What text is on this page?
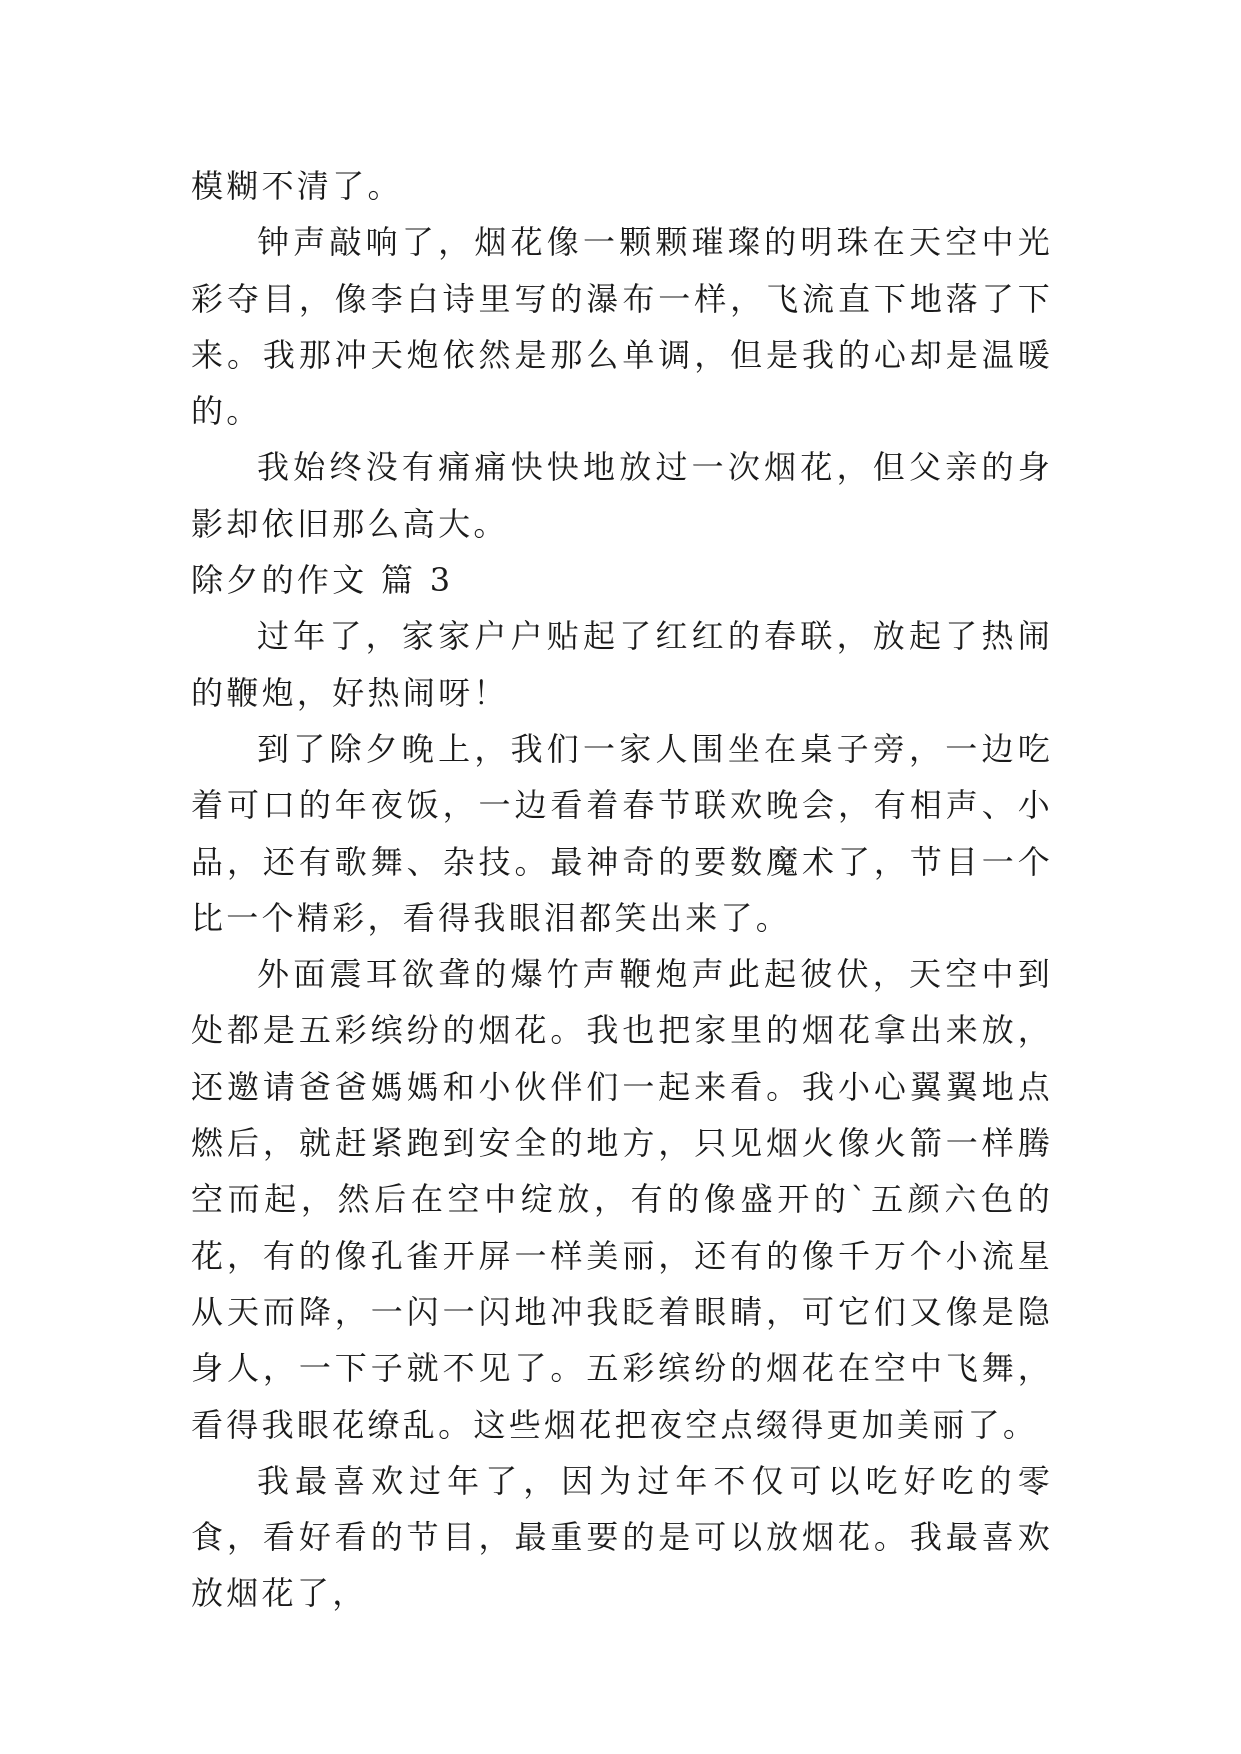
模糊不清了。

钟声敲响了，烟花像一颗颗璀璨的明珠在天空中光彩夺目，像李白诗里写的瀑布一样，飞流直下地落了下来。我那冲天炮依然是那么单调，但是我的心却是温暖的。

我始终没有痛痛快快地放过一次烟花，但父亲的身影却依旧那么高大。

除夕的作文 篇 3

过年了，家家户户贴起了红红的春联，放起了热闹的鞭炮，好热闹呀！

到了除夕晚上，我们一家人围坐在桌子旁，一边吃着可口的年夜饭，一边看着春节联欢晚会，有相声、小品，还有歌舞、杂技。最神奇的要数魔术了，节目一个比一个精彩，看得我眼泪都笑出来了。

外面震耳欲聋的爆竹声鞭炮声此起彼伏，天空中到处都是五彩缤纷的烟花。我也把家里的烟花拿出来放，还邀请爸爸媽媽和小伙伴们一起来看。我小心翼翼地点燃后，就赶紧跑到安全的地方，只见烟火像火箭一样腾空而起，然后在空中绽放，有的像盛开的`五颜六色的花，有的像孔雀开屏一样美丽，还有的像千万个小流星从天而降，一闪一闪地冲我眨着眼睛，可它们又像是隐身人，一下子就不见了。五彩缤纷的烟花在空中飞舞，看得我眼花缭乱。这些烟花把夜空点缀得更加美丽了。

我最喜欢过年了，因为过年不仅可以吃好吃的零食，看好看的节目，最重要的是可以放烟花。我最喜欢放烟花了，
